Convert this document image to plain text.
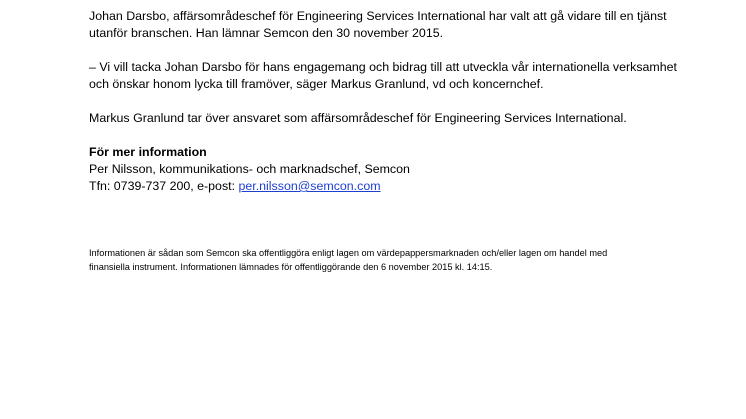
Johan Darsbo, affärsområdeschef för Engineering Services International har valt att gå vidare till en tjänst

utanför branschen. Han lämnar Semcon den 30 november 2015.

– Vi vill tacka Johan Darsbo för hans engagemang och bidrag till att utveckla vår internationella verksamhet

och önskar honom lycka till framöver, säger Markus Granlund, vd och koncernchef.

Markus Granlund tar över ansvaret som affärsområdeschef för Engineering Services International.

För mer information

Per Nilsson, kommunikations- och marknadschef, Semcon

Tfn: 0739-737 200, e-post: per.nilsson@semcon.com

Informationen är sådan som Semcon ska offentliggöra enligt lagen om värdepappersmarknaden och/eller lagen om handel med
finansiella instrument. Informationen lämnades för offentliggörande den 6 november 2015 kl. 14:15.
